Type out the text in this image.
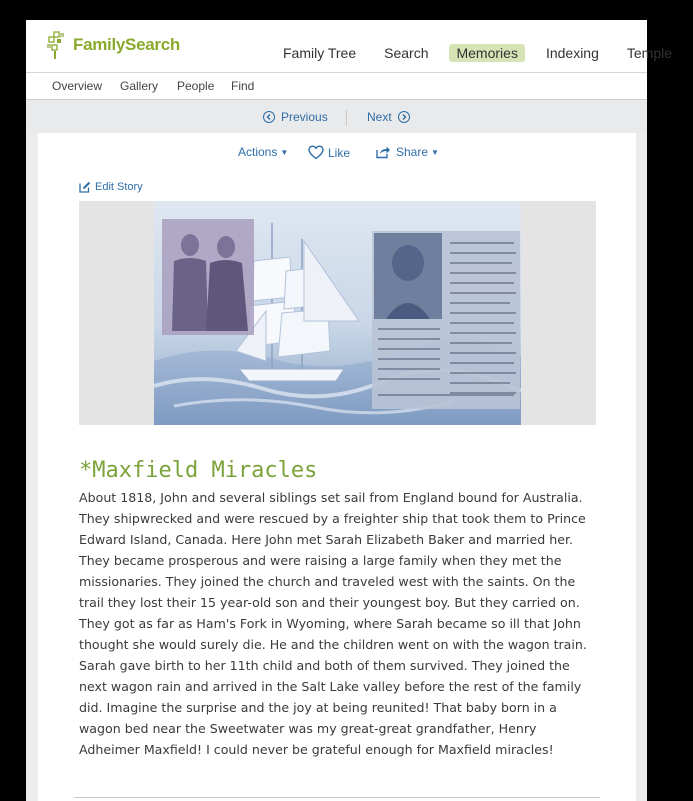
FamilySearch	Family Tree	Search	Memories	Indexing	Temple
Overview Gallery People Find
Previous	Next
Actions ▼	Like	Share ▼
Edit Story
*Maxfield Miracles

About 1818, John and several siblings set sail from England bound for Australia.
They shipwrecked and were rescued by a freighter ship that took them to Prince
Edward Island, Canada. Here John met Sarah Elizabeth Baker and married her.
They became prosperous and were raising a large family when they met the
missionaries. They joined the church and traveled west with the saints. On the
trail they lost their 15 year-old son and their youngest boy. But they carried on.
They got as far as Ham's Fork in Wyoming, where Sarah became so ill that John
thought she would surely die. He and the children went on with the wagon train.
Sarah gave birth to her 11th child and both of them survived. They joined the
next wagon rain and arrived in the Salt Lake valley before the rest of the family
did. Imagine the surprise and the joy at being reunited! That baby born in a
wagon bed near the Sweetwater was my great-great grandfather, Henry
Adheimer Maxfield! I could never be grateful enough for Maxfield miracles!
